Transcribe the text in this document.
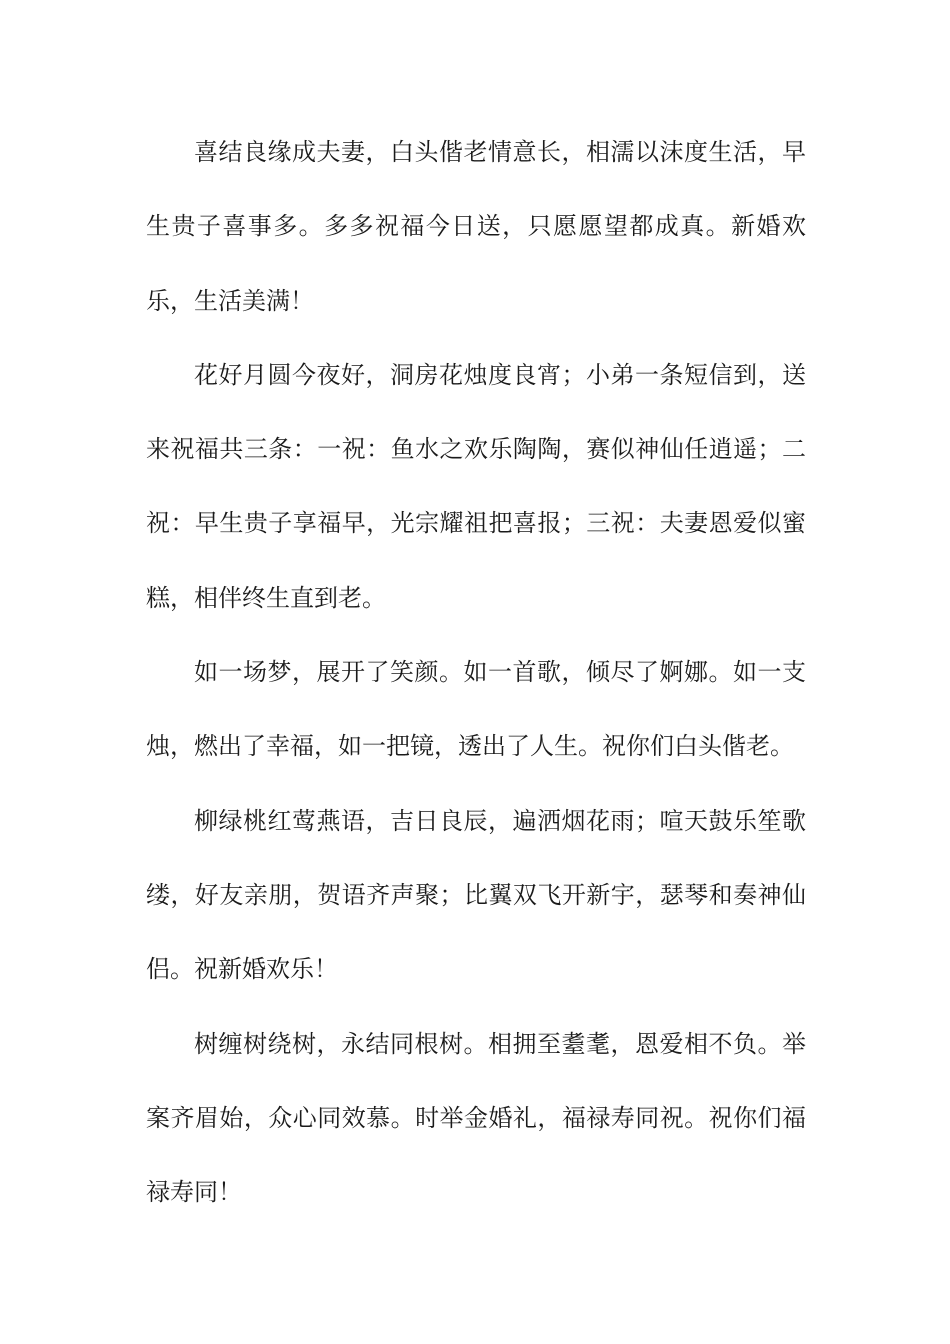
喜结良缘成夫妻，白头偕老情意长，相濡以沫度生活，早生贵子喜事多。多多祝福今日送，只愿愿望都成真。新婚欢乐，生活美满！

花好月圆今夜好，洞房花烛度良宵；小弟一条短信到，送来祝福共三条：一祝：鱼水之欢乐陶陶，赛似神仙任逍遥；二祝：早生贵子享福早，光宗耀祖把喜报；三祝：夫妻恩爱似蜜糕，相伴终生直到老。

如一场梦，展开了笑颜。如一首歌，倾尽了婀娜。如一支烛，燃出了幸福，如一把镜，透出了人生。祝你们白头偕老。

柳绿桃红莺燕语，吉日良辰，遍洒烟花雨；喧天鼓乐笙歌缕，好友亲朋，贺语齐声聚；比翼双飞开新宇，瑟琴和奏神仙侣。祝新婚欢乐！

树缠树绕树，永结同根树。相拥至耋耄，恩爱相不负。举案齐眉始，众心同效慕。时举金婚礼，福禄寿同祝。祝你们福禄寿同！
